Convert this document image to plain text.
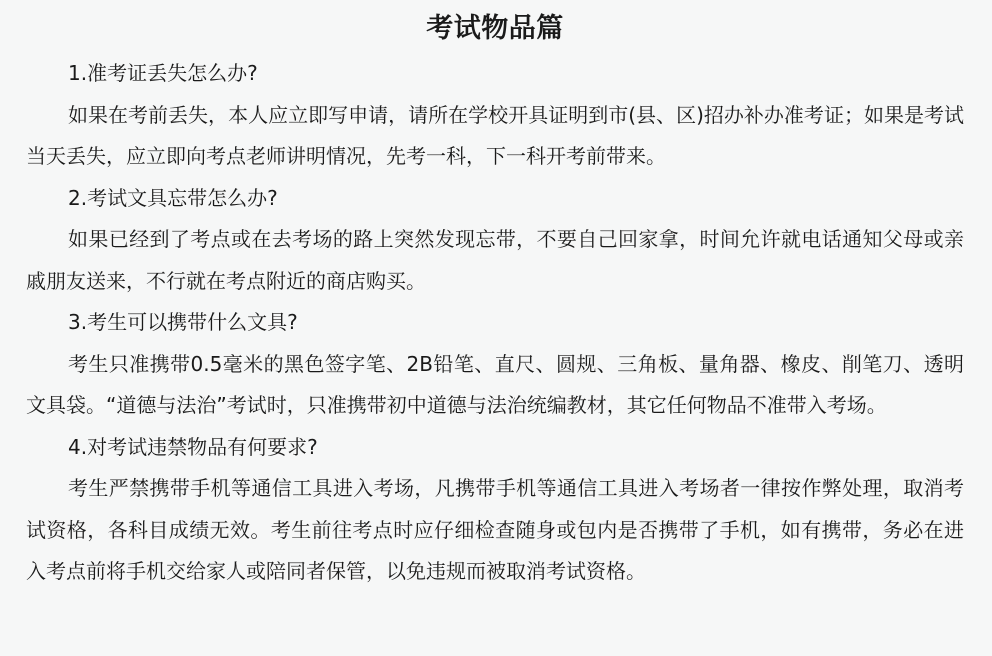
考试物品篇

1.准考证丢失怎么办?

如果在考前丢失，本人应立即写申请，请所在学校开具证明到市(县、区)招办补办准考证；如果是考试当天丢失，应立即向考点老师讲明情况，先考一科，下一科开考前带来。

2.考试文具忘带怎么办?

如果已经到了考点或在去考场的路上突然发现忘带，不要自己回家拿，时间允许就电话通知父母或亲戚朋友送来，不行就在考点附近的商店购买。

3.考生可以携带什么文具?

考生只准携带0.5毫米的黑色签字笔、2B铅笔、直尺、圆规、三角板、量角器、橡皮、削笔刀、透明文具袋。“道德与法治”考试时，只准携带初中道德与法治统编教材，其它任何物品不准带入考场。

4.对考试违禁物品有何要求?

考生严禁携带手机等通信工具进入考场，凡携带手机等通信工具进入考场者一律按作弊处理，取消考试资格，各科目成绩无效。考生前往考点时应仔细检查随身或包内是否携带了手机，如有携带，务必在进入考点前将手机交给家人或陪同者保管，以免违规而被取消考试资格。
